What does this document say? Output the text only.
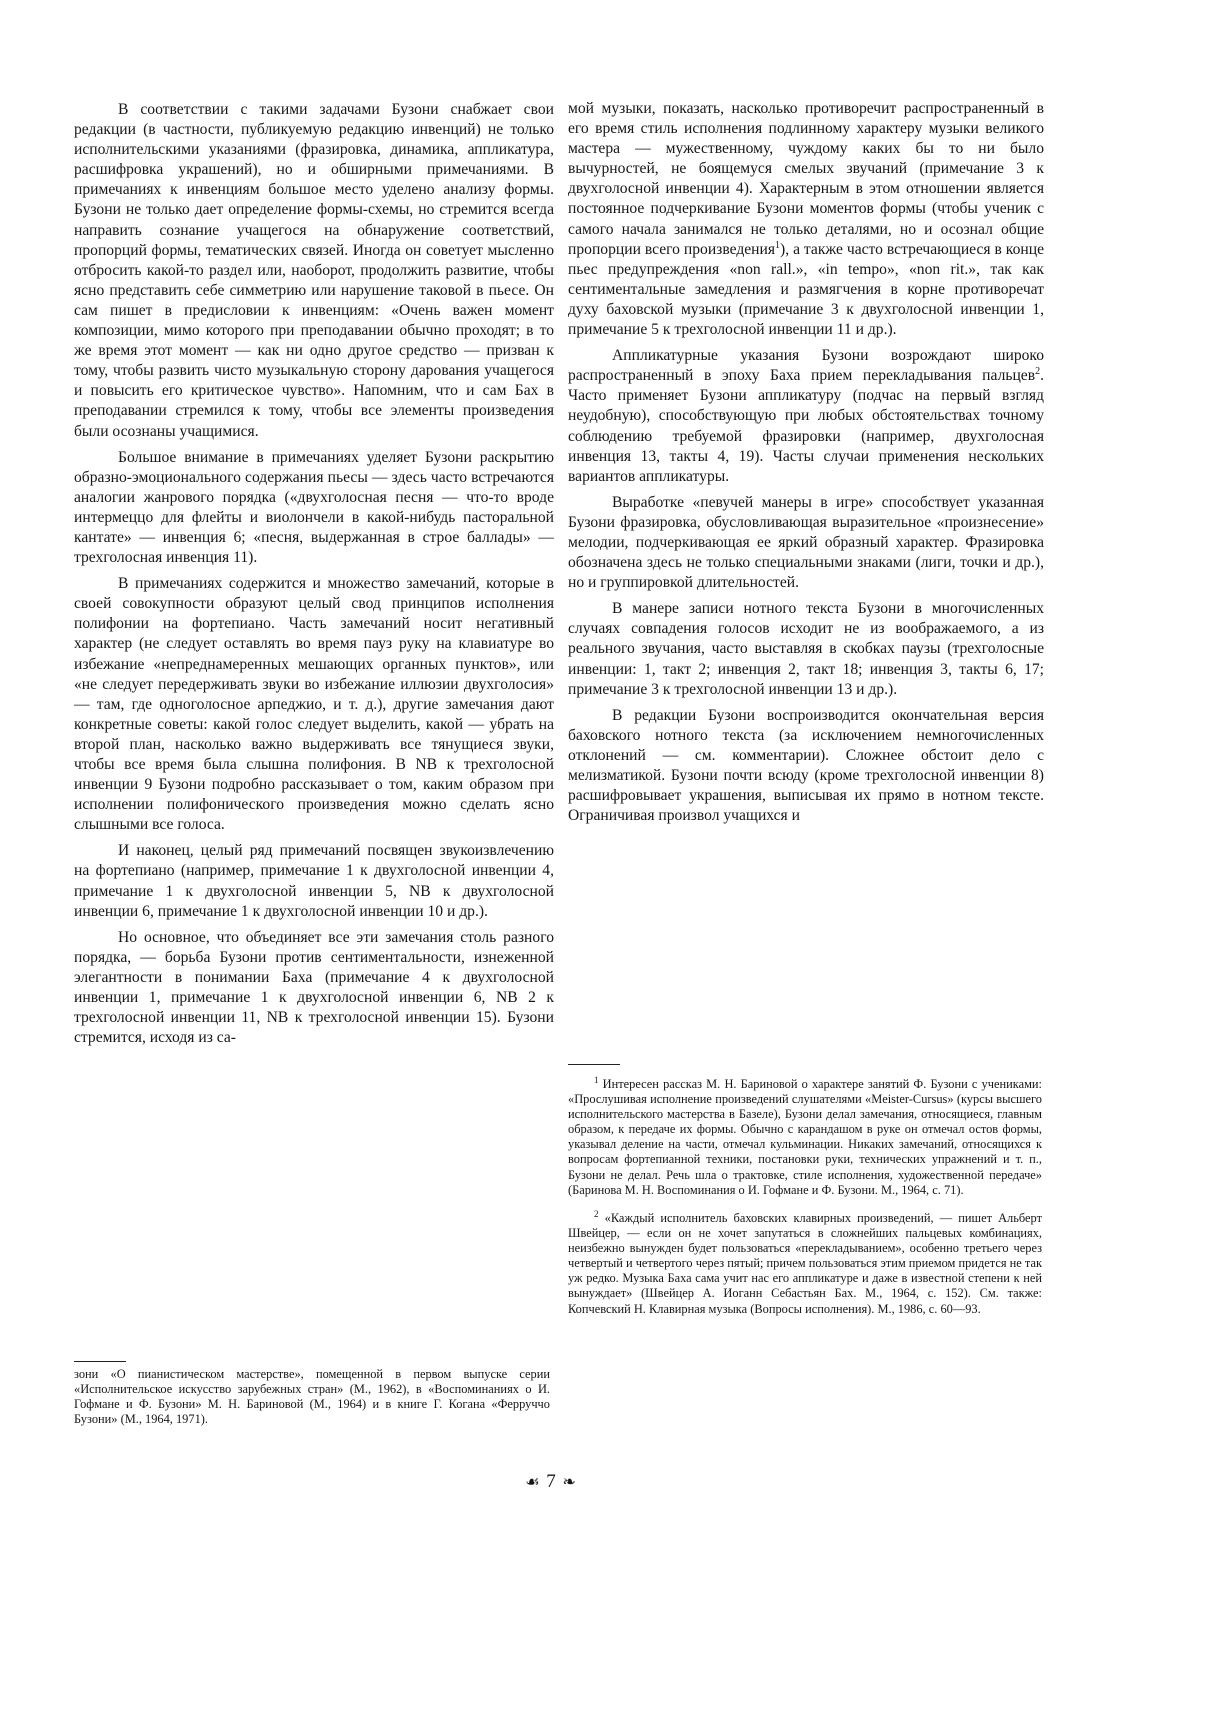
В соответствии с такими задачами Бузони снабжает свои редакции (в частности, публикуемую редакцию инвенций) не только исполнительскими указаниями (фразировка, динамика, аппликатура, расшифровка украшений), но и обширными примечаниями. В примечаниях к инвенциям большое место уделено анализу формы. Бузони не только дает определение формы-схемы, но стремится всегда направить сознание учащегося на обнаружение соответствий, пропорций формы, тематических связей. Иногда он советует мысленно отбросить какой-то раздел или, наоборот, продолжить развитие, чтобы ясно представить себе симметрию или нарушение таковой в пьесе. Он сам пишет в предисловии к инвенциям: «Очень важен момент композиции, мимо которого при преподавании обычно проходят; в то же время этот момент — как ни одно другое средство — призван к тому, чтобы развить чисто музыкальную сторону дарования учащегося и повысить его критическое чувство». Напомним, что и сам Бах в преподавании стремился к тому, чтобы все элементы произведения были осознаны учащимися.

Большое внимание в примечаниях уделяет Бузони раскрытию образно-эмоционального содержания пьесы — здесь часто встречаются аналогии жанрового порядка («двухголосная песня — что-то вроде интермеццо для флейты и виолончели в какой-нибудь пасторальной кантате» — инвенция 6; «песня, выдержанная в строе баллады» — трехголосная инвенция 11).

В примечаниях содержится и множество замечаний, которые в своей совокупности образуют целый свод принципов исполнения полифонии на фортепиано. Часть замечаний носит негативный характер (не следует оставлять во время пауз руку на клавиатуре во избежание «непреднамеренных мешающих органных пунктов», или «не следует передерживать звуки во избежание иллюзии двухголосия» — там, где одноголосное арпеджио, и т. д.), другие замечания дают конкретные советы: какой голос следует выделить, какой — убрать на второй план, насколько важно выдерживать все тянущиеся звуки, чтобы все время была слышна полифония. В NB к трехголосной инвенции 9 Бузони подробно рассказывает о том, каким образом при исполнении полифонического произведения можно сделать ясно слышными все голоса.

И наконец, целый ряд примечаний посвящен звукоизвлечению на фортепиано (например, примечание 1 к двухголосной инвенции 4, примечание 1 к двухголосной инвенции 5, NB к двухголосной инвенции 6, примечание 1 к двухголосной инвенции 10 и др.).

Но основное, что объединяет все эти замечания столь разного порядка, — борьба Бузони против сентиментальности, изнеженной элегантности в понимании Баха (примечание 4 к двухголосной инвенции 1, примечание 1 к двухголосной инвенции 6, NB 2 к трехголосной инвенции 11, NB к трехголосной инвенции 15). Бузони стремится, исходя из са-

зони «О пианистическом мастерстве», помещенной в первом выпуске серии «Исполнительское искусство зарубежных стран» (М., 1962), в «Воспоминаниях о И. Гофмане и Ф. Бузони» М. Н. Бариновой (М., 1964) и в книге Г. Когана «Ферруччо Бузони» (М., 1964, 1971).

мой музыки, показать, насколько противоречит распространенный в его время стиль исполнения подлинному характеру музыки великого мастера — мужественному, чуждому каких бы то ни было вычурностей, не боящемуся смелых звучаний (примечание 3 к двухголосной инвенции 4). Характерным в этом отношении является постоянное подчеркивание Бузони моментов формы (чтобы ученик с самого начала занимался не только деталями, но и осознал общие пропорции всего произведения$^1$), а также часто встречающиеся в конце пьес предупреждения «non rall.», «in tempo», «non rit.», так как сентиментальные замедления и размягчения в корне противоречат духу баховской музыки (примечание 3 к двухголосной инвенции 1, примечание 5 к трехголосной инвенции 11 и др.).

Аппликатурные указания Бузони возрождают широко распространенный в эпоху Баха прием перекладывания пальцев$^2$. Часто применяет Бузони аппликатуру (подчас на первый взгляд неудобную), способствующую при любых обстоятельствах точному соблюдению требуемой фразировки (например, двухголосная инвенция 13, такты 4, 19). Часты случаи применения нескольких вариантов аппликатуры.

Выработке «певучей манеры в игре» способствует указанная Бузони фразировка, обусловливающая выразительное «произнесение» мелодии, подчеркивающая ее яркий образный характер. Фразировка обозначена здесь не только специальными знаками (лиги, точки и др.), но и группировкой длительностей.

В манере записи нотного текста Бузони в многочисленных случаях совпадения голосов исходит не из воображаемого, а из реального звучания, часто выставляя в скобках паузы (трехголосные инвенции: 1, такт 2; инвенция 2, такт 18; инвенция 3, такты 6, 17; примечание 3 к трехголосной инвенции 13 и др.).

В редакции Бузони воспроизводится окончательная версия баховского нотного текста (за исключением немногочисленных отклонений — см. комментарии). Сложнее обстоит дело с мелизматикой. Бузони почти всюду (кроме трехголосной инвенции 8) расшифровывает украшения, выписывая их прямо в нотном тексте. Ограничивая произвол учащихся и

$^1$ Интересен рассказ М. Н. Бариновой о характере занятий Ф. Бузони с учениками: «Прослушивая исполнение произведений слушателями «Meister-Cursus» (курсы высшего исполнительского мастерства в Базеле), Бузони делал замечания, относящиеся, главным образом, к передаче их формы. Обычно с карандашом в руке он отмечал остов формы, указывал деление на части, отмечал кульминации. Никаких замечаний, относящихся к вопросам фортепианной техники, постановки руки, технических упражнений и т. п., Бузони не делал. Речь шла о трактовке, стиле исполнения, художественной передаче» (Баринова М. Н. Воспоминания о И. Гофмане и Ф. Бузони. М., 1964, с. 71).

$^2$ «Каждый исполнитель баховских клавирных произведений, — пишет Альберт Швейцер, — если он не хочет запутаться в сложнейших пальцевых комбинациях, неизбежно вынужден будет пользоваться «перекладыванием», особенно третьего через четвертый и четвертого через пятый; причем пользоваться этим приемом придется не так уж редко. Музыка Баха сама учит нас его аппликатуре и даже в известной степени к ней вынуждает» (Швейцер А. Иоганн Себастьян Бах. М., 1964, с. 152). См. также: Копчевский Н. Клавирная музыка (Вопросы исполнения). М., 1986, с. 60—93.

☙ 7 ❧
